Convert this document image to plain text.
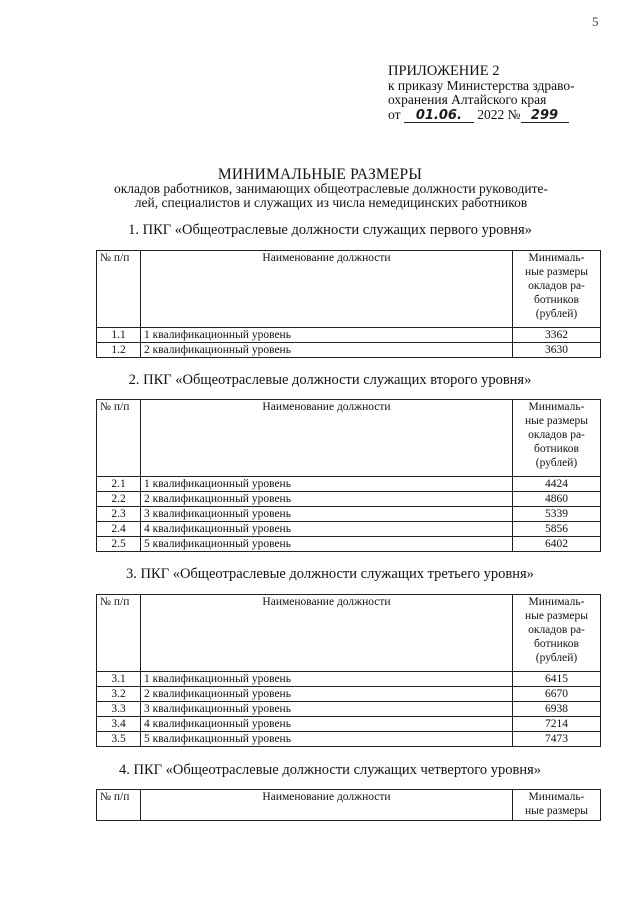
5
ПРИЛОЖЕНИЕ 2
к приказу Министерства здраво-
охранения Алтайского края
от 01.06. 2022 № 299
МИНИМАЛЬНЫЕ РАЗМЕРЫ
окладов работников, занимающих общеотраслевые должности руководите-
лей, специалистов и служащих из числа немедицинских работников
1. ПКГ «Общеотраслевые должности служащих первого уровня»
№ п/п	Наименование должности	Минималь-
ные размеры
окладов ра-
ботников
(рублей)

1.1	1 квалификационный уровень	3362
1.2	2 квалификационный уровень	3630
2. ПКГ «Общеотраслевые должности служащих второго уровня»
№ п/п	Наименование должности	Минималь-
ные размеры
окладов ра-
ботников
(рублей)

2.1	1 квалификационный уровень	4424
2.2	2 квалификационный уровень	4860
2.3	3 квалификационный уровень	5339
2.4	4 квалификационный уровень	5856
2.5	5 квалификационный уровень	6402
3. ПКГ «Общеотраслевые должности служащих третьего уровня»
№ п/п	Наименование должности	Минималь-
ные размеры
окладов ра-
ботников
(рублей)

3.1	1 квалификационный уровень	6415
3.2	2 квалификационный уровень	6670
3.3	3 квалификационный уровень	6938
3.4	4 квалификационный уровень	7214
3.5	5 квалификационный уровень	7473
4. ПКГ «Общеотраслевые должности служащих четвертого уровня»
№ п/п	Наименование должности	Минималь-
ные размеры
